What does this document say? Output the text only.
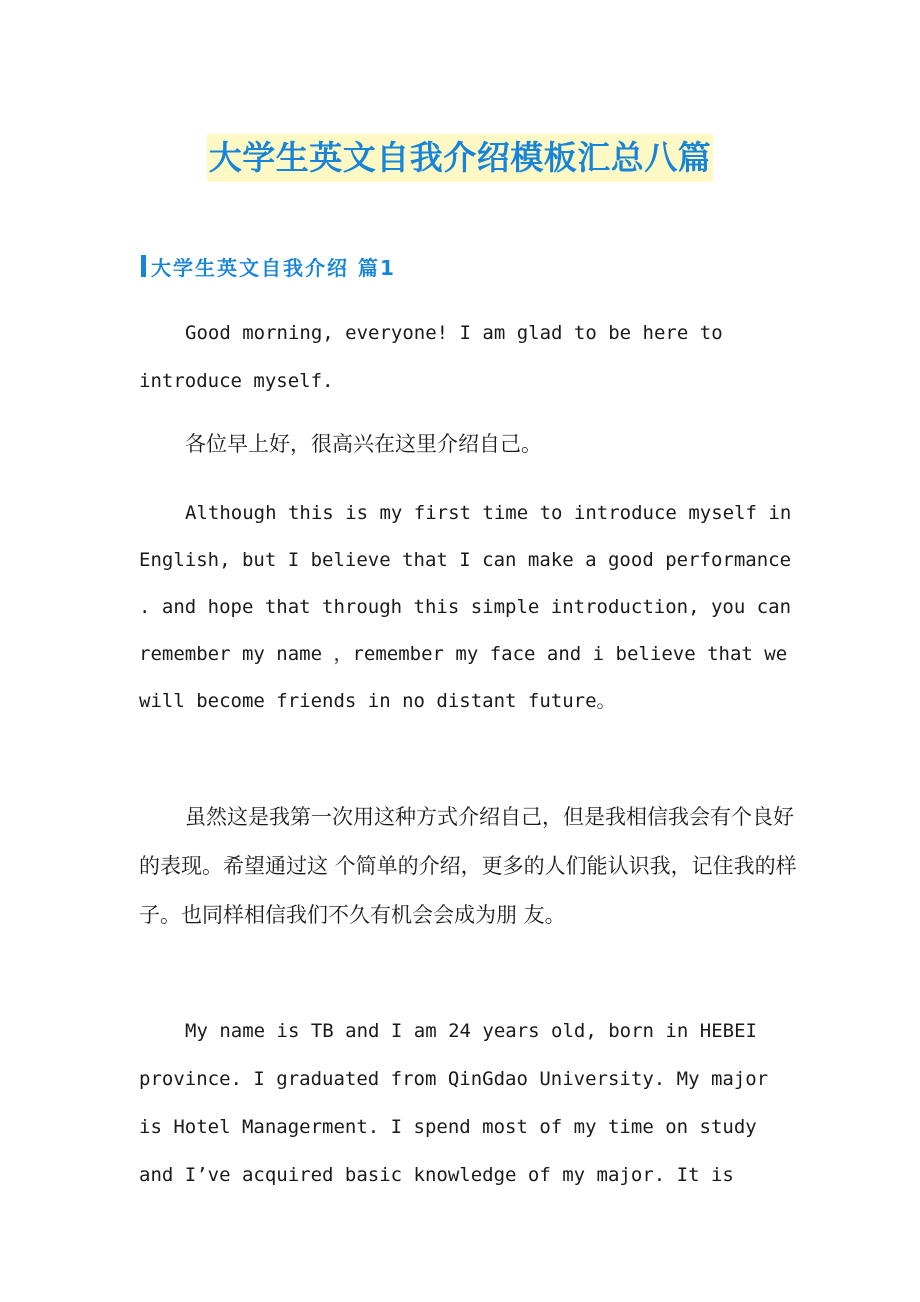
大学生英文自我介绍模板汇总八篇
大学生英文自我介绍 篇1

Good morning, everyone! I am glad to be here to introduce myself.

各位早上好，很高兴在这里介绍自己。

Although this is my first time to introduce myself in English, but I believe that I can make a good performance . and hope that through this simple introduction, you can remember my name ，remember my face and i believe that we will become friends in no distant future。

虽然这是我第一次用这种方式介绍自己，但是我相信我会有个良好的表现。希望通过这 个简单的介绍，更多的人们能认识我，记住我的样子。也同样相信我们不久有机会会成为朋 友。

My name is TB and I am 24 years old, born in HEBEI province. I graduated from QinGdao University. My major is Hotel Managerment. I spend most of my time on study and I’ve acquired basic knowledge of my major. It is
